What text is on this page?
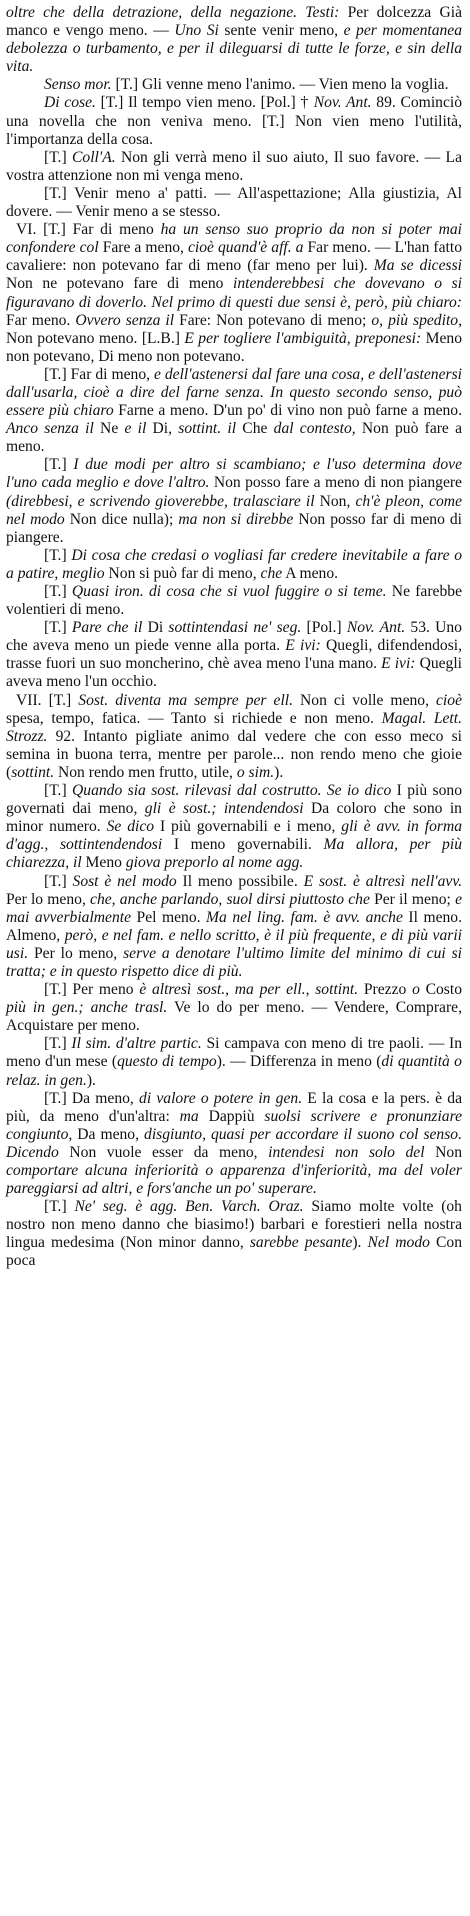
oltre che della detrazione, della negazione. Testi: Per dolcezza Già manco e vengo meno. — Uno Si sente venir meno, e per momentanea debolezza o turbamento, e per il dileguarsi di tutte le forze, e sin della vita.

Senso mor. [T.] Gli venne meno l'animo. — Vien meno la voglia.

Di cose. [T.] Il tempo vien meno. [Pol.] † Nov. Ant. 89. Cominciò una novella che non veniva meno. [T.] Non vien meno l'utilità, l'importanza della cosa.

[T.] Coll'A. Non gli verrà meno il suo aiuto, Il suo favore. — La vostra attenzione non mi venga meno.

[T.] Venir meno a' patti. — All'aspettazione; Alla giustizia, Al dovere. — Venir meno a se stesso.

VI. [T.] Far di meno ha un senso suo proprio da non si poter mai confondere col Fare a meno, cioè quand'è aff. a Far meno. — L'han fatto cavaliere: non potevano far di meno (far meno per lui). Ma se dicessi Non ne potevano fare di meno intenderebbesi che dovevano o si figuravano di doverlo. Nel primo di questi due sensi è, però, più chiaro: Far meno. Ovvero senza il Fare: Non potevano di meno; o, più spedito, Non potevano meno. [L.B.] E per togliere l'ambiguità, preponesi: Meno non potevano, Di meno non potevano.

[T.] Far di meno, e dell'astenersi dal fare una cosa, e dell'astenersi dall'usarla, cioè a dire del farne senza. In questo secondo senso, può essere più chiaro Farne a meno. D'un po' di vino non può farne a meno. Anco senza il Ne e il Di, sottint. il Che dal contesto, Non può fare a meno.

[T.] I due modi per altro si scambiano; e l'uso determina dove l'uno cada meglio e dove l'altro. Non posso fare a meno di non piangere (direbbesi, e scrivendo gioverebbe, tralasciare il Non, ch'è pleon, come nel modo Non dice nulla); ma non si direbbe Non posso far di meno di piangere.

[T.] Di cosa che credasi o vogliasi far credere inevitabile a fare o a patire, meglio Non si può far di meno, che A meno.

[T.] Quasi iron. di cosa che si vuol fuggire o si teme. Ne farebbe volentieri di meno.

[T.] Pare che il Di sottintendasi ne' seg. [Pol.] Nov. Ant. 53. Uno che aveva meno un piede venne alla porta. E ivi: Quegli, difendendosi, trasse fuori un suo moncherino, chè avea meno l'una mano. E ivi: Quegli aveva meno l'un occhio.

VII. [T.] Sost. diventa ma sempre per ell. Non ci volle meno, cioè spesa, tempo, fatica. — Tanto si richiede e non meno. Magal. Lett. Strozz. 92. Intanto pigliate animo dal vedere che con esso meco si semina in buona terra, mentre per parole... non rendo meno che gioie (sottint. Non rendo men frutto, utile, o sim.).

[T.] Quando sia sost. rilevasi dal costrutto. Se io dico I più sono governati dai meno, gli è sost.; intendendosi Da coloro che sono in minor numero. Se dico I più governabili e i meno, gli è avv. in forma d'agg., sottintendendosi I meno governabili. Ma allora, per più chiarezza, il Meno giova preporlo al nome agg.

[T.] Sost è nel modo Il meno possibile. E sost. è altresì nell'avv. Per lo meno, che, anche parlando, suol dirsi piuttosto che Per il meno; e mai avverbialmente Pel meno. Ma nel ling. fam. è avv. anche Il meno. Almeno, però, e nel fam. e nello scritto, è il più frequente, e di più varii usi. Per lo meno, serve a denotare l'ultimo limite del minimo di cui si tratta; e in questo rispetto dice di più.

[T.] Per meno è altresì sost., ma per ell., sottint. Prezzo o Costo più in gen.; anche trasl. Ve lo do per meno. — Vendere, Comprare, Acquistare per meno.

[T.] Il sim. d'altre partic. Si campava con meno di tre paoli. — In meno d'un mese (questo di tempo). — Differenza in meno (di quantità o relaz. in gen.).

[T.] Da meno, di valore o potere in gen. E la cosa e la pers. è da più, da meno d'un'altra: ma Dappiù suolsi scrivere e pronunziare congiunto, Da meno, disgiunto, quasi per accordare il suono col senso. Dicendo Non vuole esser da meno, intendesi non solo del Non comportare alcuna inferiorità o apparenza d'inferiorità, ma del voler pareggiarsi ad altri, e fors'anche un po' superare.

[T.] Ne' seg. è agg. Ben. Varch. Oraz. Siamo molte volte (oh nostro non meno danno che biasimo!) barbari e forestieri nella nostra lingua medesima (Non minor danno, sarebbe pesante). Nel modo Con poca
